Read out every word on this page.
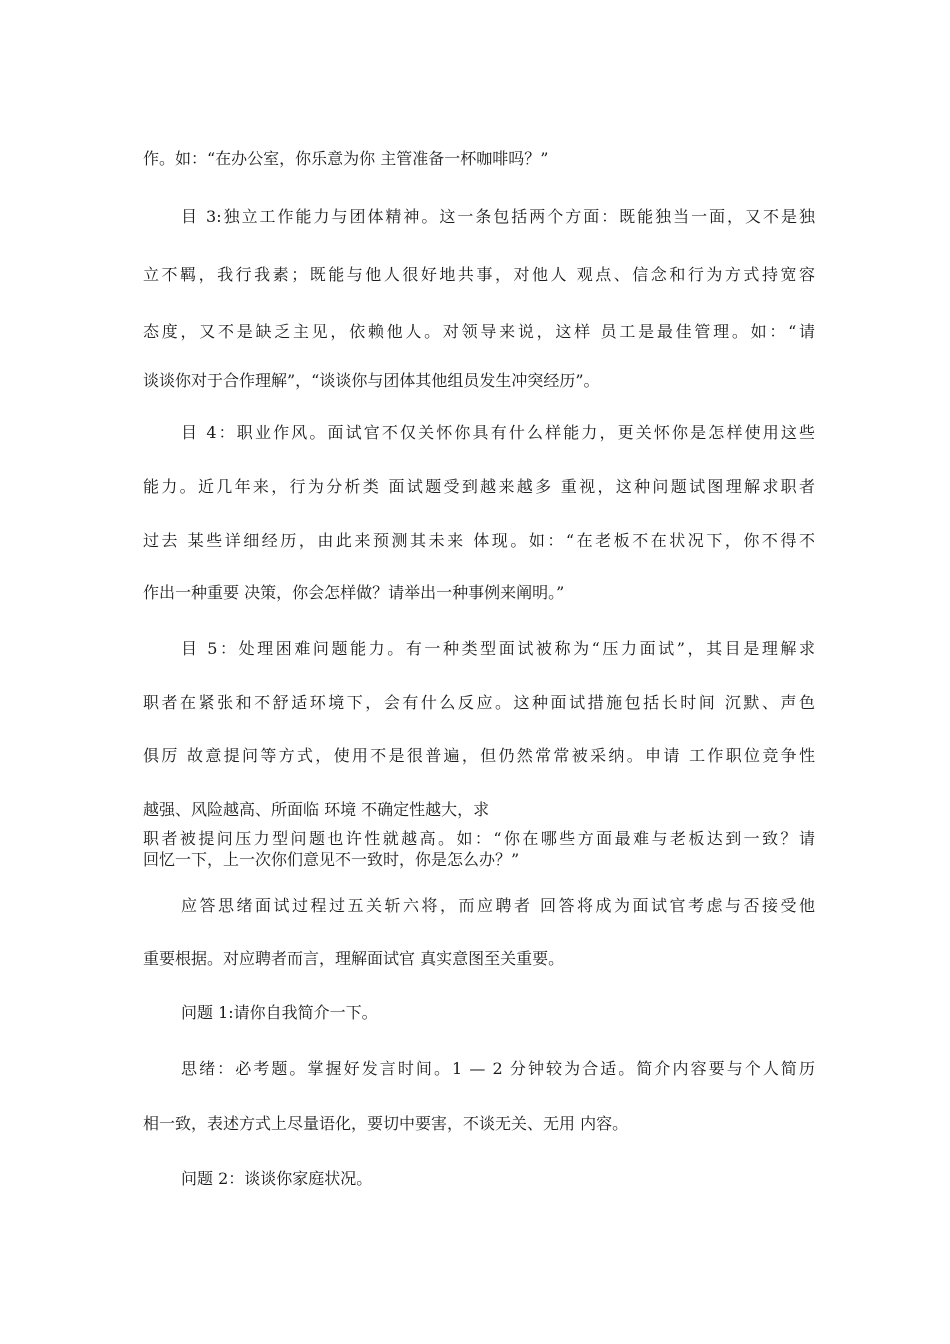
作。如：“在办公室，你乐意为你 主管准备一杯咖啡吗？”
目 3:独立工作能力与团体精神。这一条包括两个方面：既能独当一面，又不是独
立不羁，我行我素；既能与他人很好地共事，对他人 观点、信念和行为方式持宽容
态度，又不是缺乏主见，依赖他人。对领导来说，这样 员工是最佳管理。如：“请
谈谈你对于合作理解”，“谈谈你与团体其他组员发生冲突经历”。
目 4：职业作风。面试官不仅关怀你具有什么样能力，更关怀你是怎样使用这些
能力。近几年来，行为分析类 面试题受到越来越多 重视，这种问题试图理解求职者
过去 某些详细经历，由此来预测其未来 体现。如：“在老板不在状况下，你不得不
作出一种重要 决策，你会怎样做？请举出一种事例来阐明。”
目 5：处理困难问题能力。有一种类型面试被称为“压力面试”，其目是理解求
职者在紧张和不舒适环境下，会有什么反应。这种面试措施包括长时间 沉默、声色
俱厉 故意提问等方式，使用不是很普遍，但仍然常常被采纳。申请 工作职位竞争性
越强、风险越高、所面临 环境 不确定性越大，求
职者被提问压力型问题也许性就越高。如：“你在哪些方面最难与老板达到一致？请
回忆一下，上一次你们意见不一致时，你是怎么办？”
应答思绪面试过程过五关斩六将，而应聘者 回答将成为面试官考虑与否接受他
重要根据。对应聘者而言，理解面试官 真实意图至关重要。
问题 1:请你自我简介一下。
思绪：必考题。掌握好发言时间。1 — 2 分钟较为合适。简介内容要与个人简历
相一致，表述方式上尽量语化，要切中要害，不谈无关、无用 内容。
问题 2：谈谈你家庭状况。
